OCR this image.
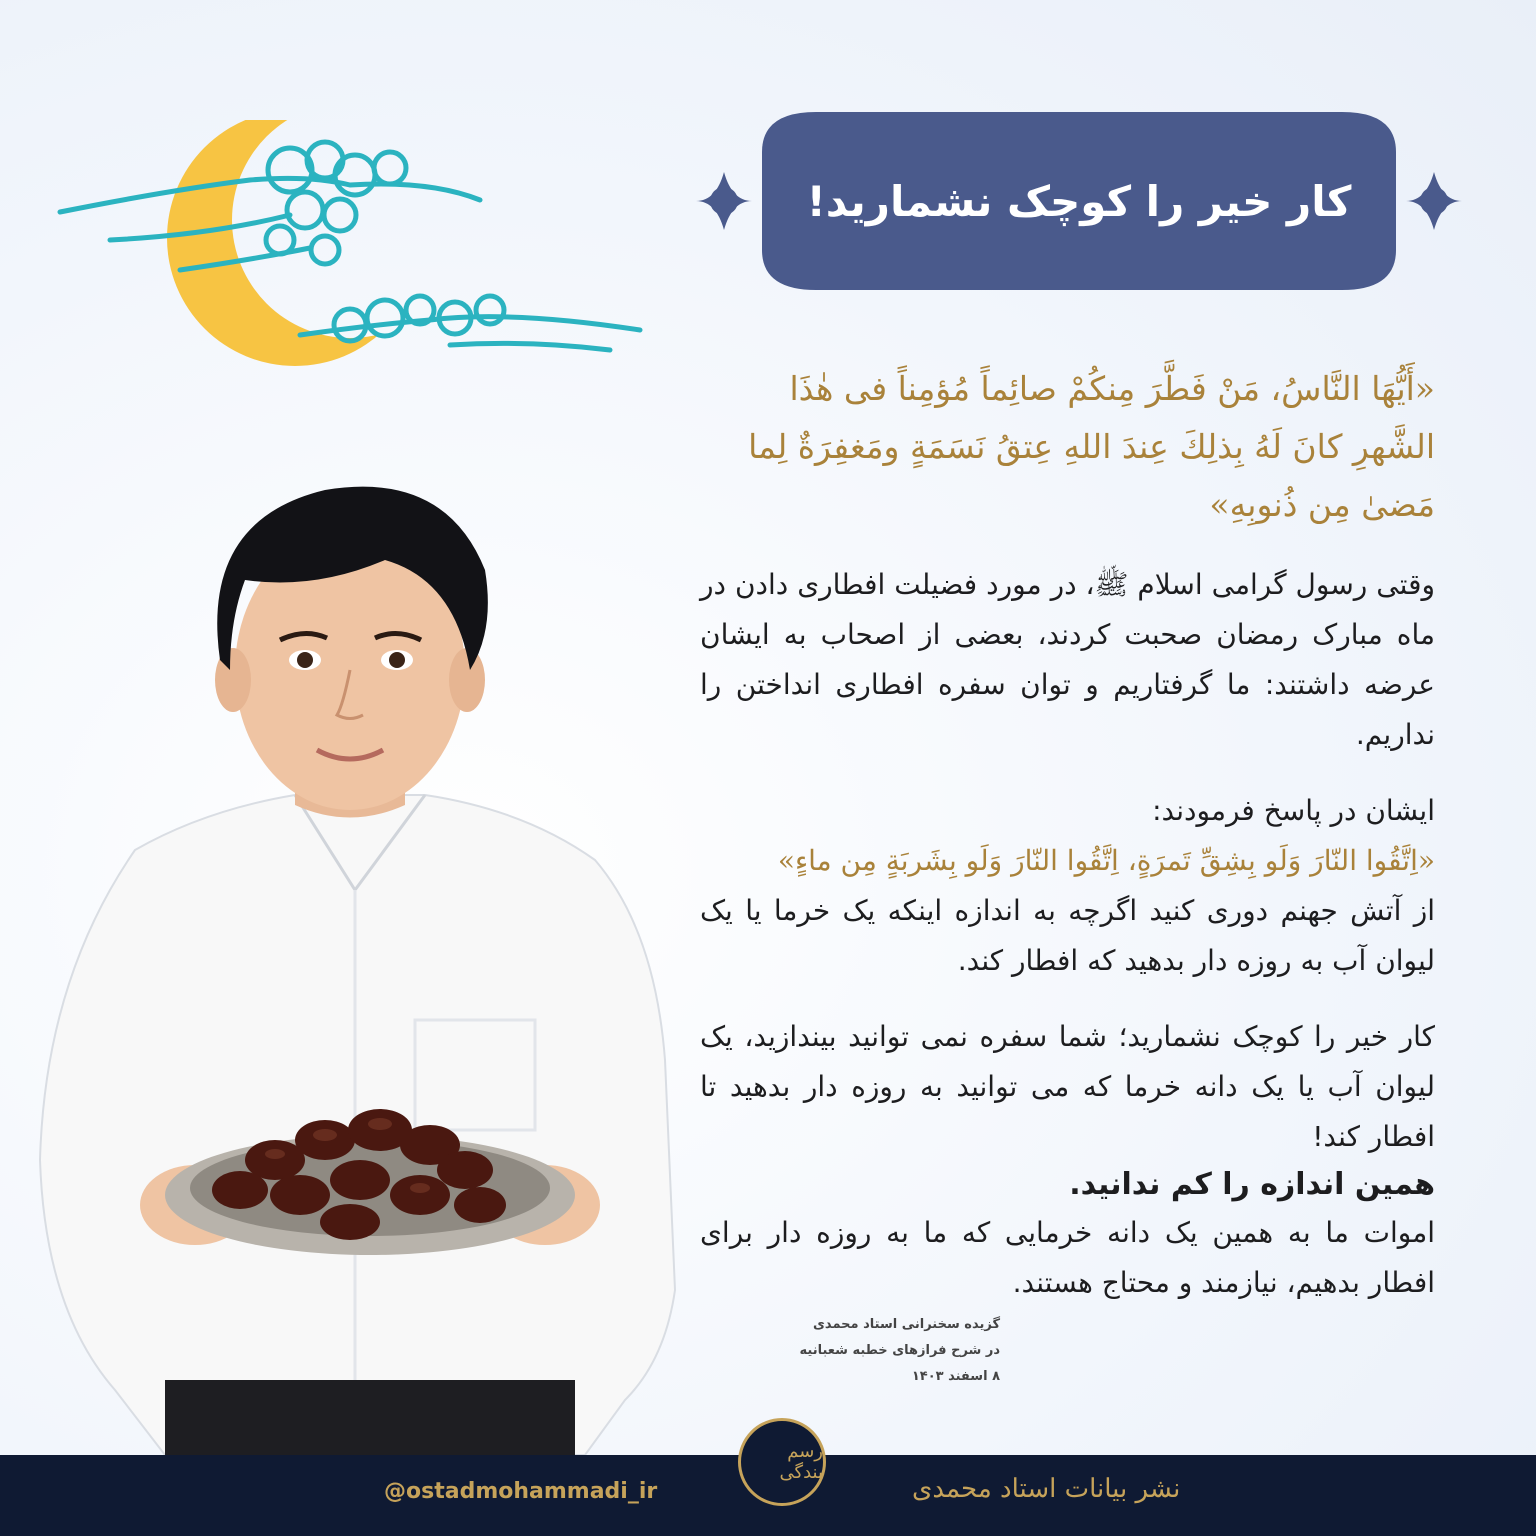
کار خیر را کوچک نشمارید!

«أَيُّهَا النَّاسُ، مَنْ فَطَّرَ مِنكُمْ صائِماً مُؤمِناً فی هٰذَا الشَّهرِ كانَ لَهُ بِذلِكَ عِندَ اللهِ عِتقُ نَسَمَةٍ ومَغفِرَةٌ لِما مَضىٰ مِن ذُنوبِهِ»

وقتی رسول گرامی اسلام ﷺ، در مورد فضیلت افطاری دادن در ماه مبارک رمضان صحبت کردند، بعضی از اصحاب به ایشان عرضه داشتند: ما گرفتاریم و توان سفره افطاری انداختن را نداریم.

ایشان در پاسخ فرمودند:

«اِتَّقُوا النّارَ وَلَو بِشِقِّ تَمرَةٍ، اِتَّقُوا النّارَ وَلَو بِشَربَةٍ مِن ماءٍ»

از آتش جهنم دوری کنید اگرچه به اندازه اینکه یک خرما یا یک لیوان آب به روزه دار بدهید که افطار کند.

کار خیر را کوچک نشمارید؛ شما سفره نمی توانید بیندازید، یک لیوان آب یا یک دانه خرما که می توانید به روزه دار بدهید تا افطار کند!

همین اندازه را کم ندانید.

اموات ما به همین یک دانه خرمایی که ما به روزه دار برای افطار بدهیم، نیازمند و محتاج هستند.

گزیده سخنرانی استاد محمدی
در شرح فرازهای خطبه شعبانیه
۸ اسفند ۱۴۰۳
@ostadmohammadi_ir
رسم بندگی
نشر بیانات استاد محمدی
